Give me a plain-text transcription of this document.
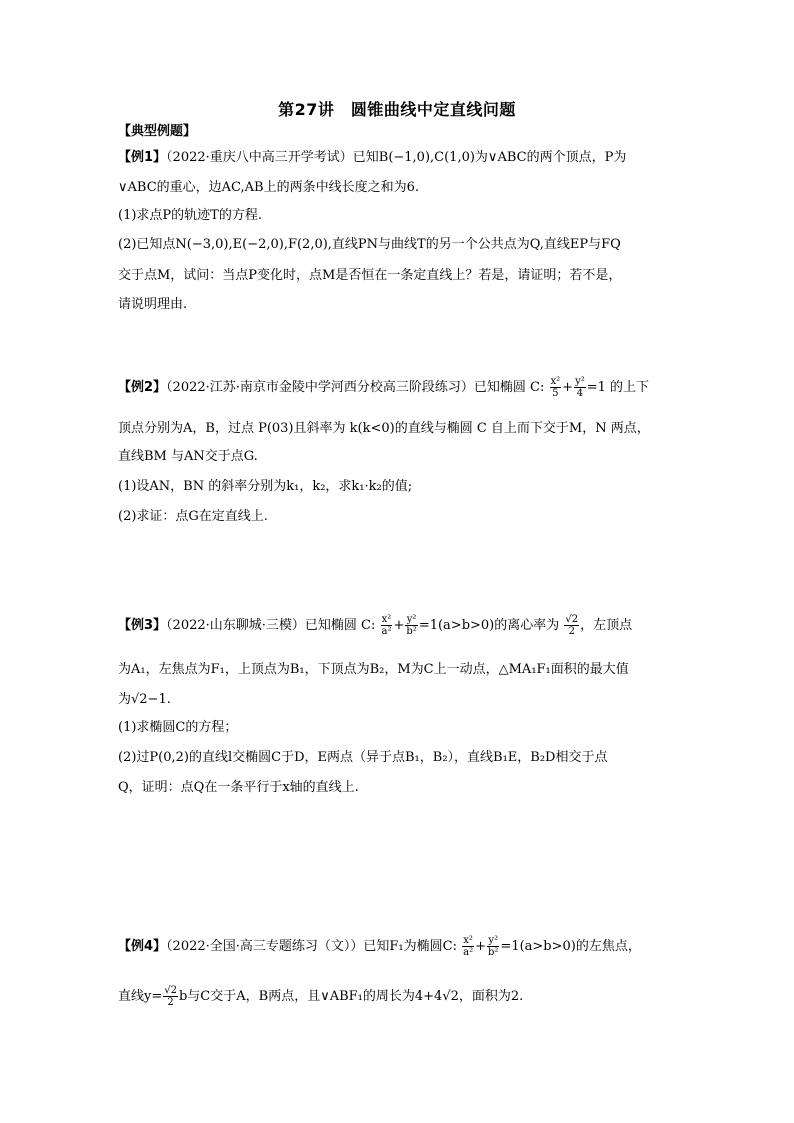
第27讲　圆锥曲线中定直线问题
【典型例题】
【例1】（2022·重庆八中高三开学考试）已知B(−1,0),C(1,0)为∨ABC的两个顶点，P为
∨ABC的重心，边AC,AB上的两条中线长度之和为6.
(1)求点P的轨迹T的方程.
(2)已知点N(−3,0),E(−2,0),F(2,0),直线PN与曲线T的另一个公共点为Q,直线EP与FQ
交于点M，试问：当点P变化时，点M是否恒在一条定直线上？若是，请证明；若不是，
请说明理由.
【例2】（2022·江苏·南京市金陵中学河西分校高三阶段练习）已知椭圆 C: $\frac{\text{x²}}{5} + \frac{\text{y²}}{4} =1$ 的上下
顶点分别为A，B，过点 P(03)且斜率为 k(k<0)的直线与椭圆 C 自上而下交于M，N 两点，
直线BM 与AN交于点G.
(1)设AN，BN 的斜率分别为k₁，k₂，求k₁·k₂的值;
(2)求证：点G在定直线上.
【例3】（2022·山东聊城·三模）已知椭圆 C: $\frac{\text{x²}}{\text{a²}} + \frac{\text{y²}}{\text{b²}} =1(a>b>0)$的离心率为 $\frac{√2}{2}$ ，左顶点
为A₁，左焦点为F₁，上顶点为B₁，下顶点为B₂，M为C上一动点，△MA₁F₁面积的最大值
为√2−1.
(1)求椭圆C的方程；
(2)过P(0,2)的直线l交椭圆C于D，E两点（异于点B₁，B₂），直线B₁E，B₂D相交于点
Q，证明：点Q在一条平行于x轴的直线上.
【例4】（2022·全国·高三专题练习（文））已知F₁为椭圆C: $\frac{\text{x²}}{\text{a²}} + \frac{\text{y²}}{\text{b²}} =1(a>b>0)$的左焦点，
直线$y= \frac{√2}{2}$ b与C交于A，B两点，且∨ABF₁的周长为4+4√2，面积为2.
